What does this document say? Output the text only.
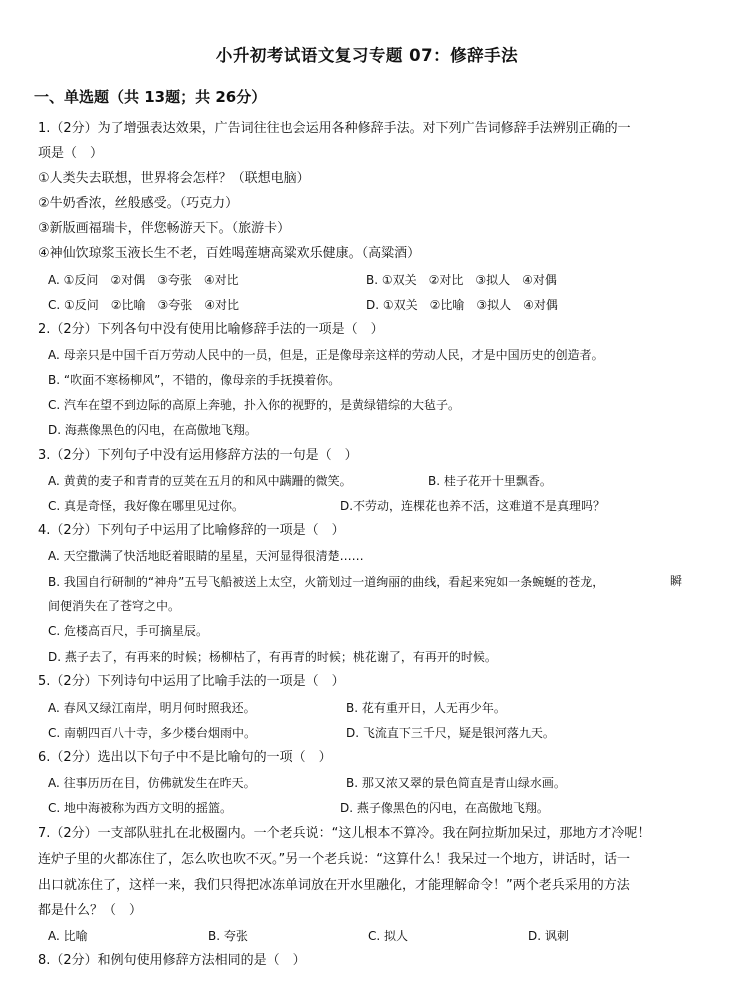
小升初考试语文复习专题 07：修辞手法
一、单选题（共 13题；共 26分）
1.（2分）为了增强表达效果，广告词往往也会运用各种修辞手法。对下列广告词修辞手法辨别正确的一
项是（　）
①人类失去联想，世界将会怎样？（联想电脑）
②牛奶香浓，丝般感受。（巧克力）
③新版画福瑞卡，伴您畅游天下。（旅游卡）
④神仙饮琼浆玉液长生不老，百姓喝莲塘高粱欢乐健康。（高粱酒）
A. ①反问　②对偶　③夸张　④对比	B. ①双关　②对比　③拟人　④对偶
C. ①反问　②比喻　③夸张　④对比	D. ①双关　②比喻　③拟人　④对偶
2.（2分）下列各句中没有使用比喻修辞手法的一项是（　）
A. 母亲只是中国千百万劳动人民中的一员，但是，正是像母亲这样的劳动人民，才是中国历史的创造者。
B. “吹面不寒杨柳风”，不错的，像母亲的手抚摸着你。
C. 汽车在望不到边际的高原上奔驰，扑入你的视野的，是黄绿错综的大毡子。
D. 海燕像黑色的闪电，在高傲地飞翔。
3.（2分）下列句子中没有运用修辞方法的一句是（　）
A. 黄黄的麦子和青青的豆荚在五月的和风中蹒跚的微笑。	B. 桂子花开十里飘香。
C. 真是奇怪，我好像在哪里见过你。	D.不劳动，连棵花也养不活，这难道不是真理吗？
4.（2分）下列句子中运用了比喻修辞的一项是（　）
A. 天空撒满了快活地眨着眼睛的星星，天河显得很清楚……
B. 我国自行研制的“神舟”五号飞船被送上太空，火箭划过一道绚丽的曲线，看起来宛如一条蜿蜒的苍龙，	瞬
间便消失在了苍穹之中。
C. 危楼高百尺，手可摘星辰。
D. 燕子去了，有再来的时候；杨柳枯了，有再青的时候；桃花谢了，有再开的时候。
5.（2分）下列诗句中运用了比喻手法的一项是（　）
A. 春风又绿江南岸，明月何时照我还。	B. 花有重开日，人无再少年。
C. 南朝四百八十寺，多少楼台烟雨中。	D. 飞流直下三千尺，疑是银河落九天。
6.（2分）选出以下句子中不是比喻句的一项（　）
A. 往事历历在目，仿佛就发生在昨天。	B. 那又浓又翠的景色简直是青山绿水画。
C. 地中海被称为西方文明的摇篮。	D. 燕子像黑色的闪电，在高傲地飞翔。
7.（2分）一支部队驻扎在北极圈内。一个老兵说：“这儿根本不算冷。我在阿拉斯加呆过，那地方才冷呢！
连炉子里的火都冻住了，怎么吹也吹不灭。”另一个老兵说：“这算什么！我呆过一个地方，讲话时，话一
出口就冻住了，这样一来，我们只得把冰冻单词放在开水里融化，才能理解命令！”两个老兵采用的方法
都是什么？（　）
A. 比喻	B. 夸张	C. 拟人	D. 讽刺
8.（2分）和例句使用修辞方法相同的是（　）
